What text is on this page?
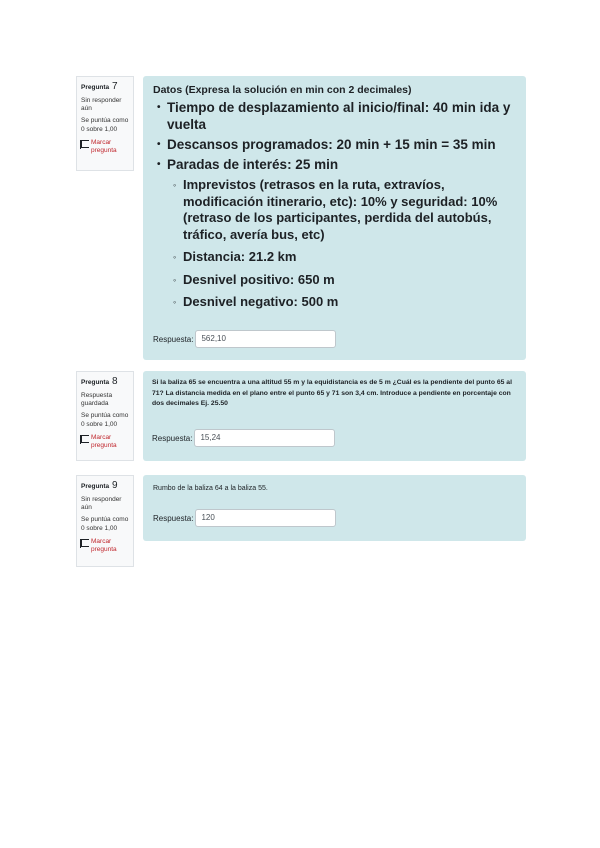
Pregunta 7
Sin responder aún
Se puntúa como 0 sobre 1,00
Marcar pregunta

Datos (Expresa la solución en min con 2 decimales)

• Tiempo de desplazamiento al inicio/final: 40 min ida y vuelta
• Descansos programados: 20 min + 15 min = 35 min
• Paradas de interés: 25 min
◦ Imprevistos (retrasos en la ruta, extravíos, modificación itinerario, etc): 10% y seguridad: 10% (retraso de los participantes, perdida del autobús, tráfico, avería bus, etc)
◦ Distancia: 21.2 km
◦ Desnivel positivo: 650 m
◦ Desnivel negativo: 500 m
Respuesta:	562,10
Pregunta 8
Respuesta guardada
Se puntúa como 0 sobre 1,00
Marcar pregunta

Si la baliza 65 se encuentra a una altitud 55 m y la equidistancia es de 5 m ¿Cuál es la pendiente del punto 65 al 71? La distancia medida en el plano entre el punto 65 y 71 son 3,4 cm. Introduce a pendiente en porcentaje con dos decimales Ej. 25.50

Respuesta:	15,24
Pregunta 9
Sin responder aún
Se puntúa como 0 sobre 1,00
Marcar pregunta

Rumbo de la baliza 64 a la baliza 55.

Respuesta:	120
